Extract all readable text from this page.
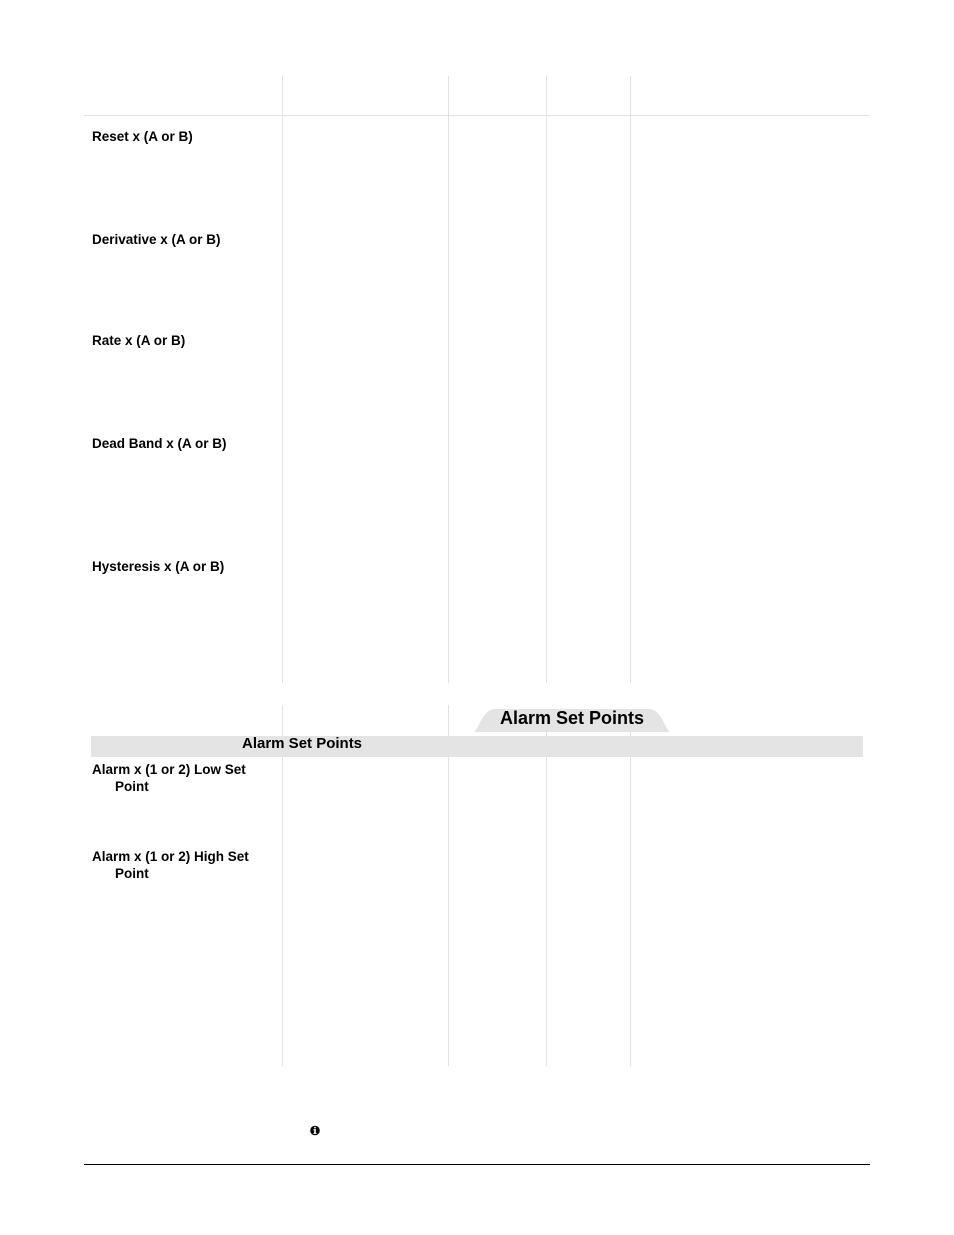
Reset x (A or B)
Derivative x (A or B)
Rate x (A or B)
Dead Band x (A or B)
Hysteresis x (A or B)
Alarm Set Points
Alarm Set Points
Alarm x (1 or 2) Low Set
Point
Alarm x (1 or 2) High Set
Point
